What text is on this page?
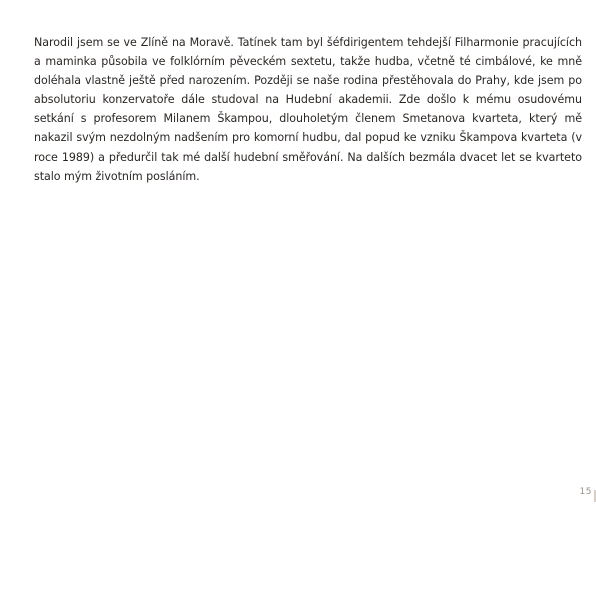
Narodil jsem se ve Zlíně na Moravě. Tatínek tam byl šéfdirigentem tehdejší Filharmonie pracujících a maminka působila ve folklórním pěveckém sextetu, takže hudba, včetně té cimbálové, ke mně doléhala vlastně ještě před narozením. Později se naše rodina přestěhovala do Prahy, kde jsem po absolutoriu konzervatoře dále studoval na Hudební akademii. Zde došlo k mému osudovému setkání s profesorem Milanem Škampou, dlouholetým členem Smetanova kvarteta, který mě nakazil svým nezdolným nadšením pro komorní hudbu, dal popud ke vzniku Škampova kvarteta (v roce 1989) a předurčil tak mé další hudební směřování. Na dalších bezmála dvacet let se kvarteto stalo mým životním posláním.

15
